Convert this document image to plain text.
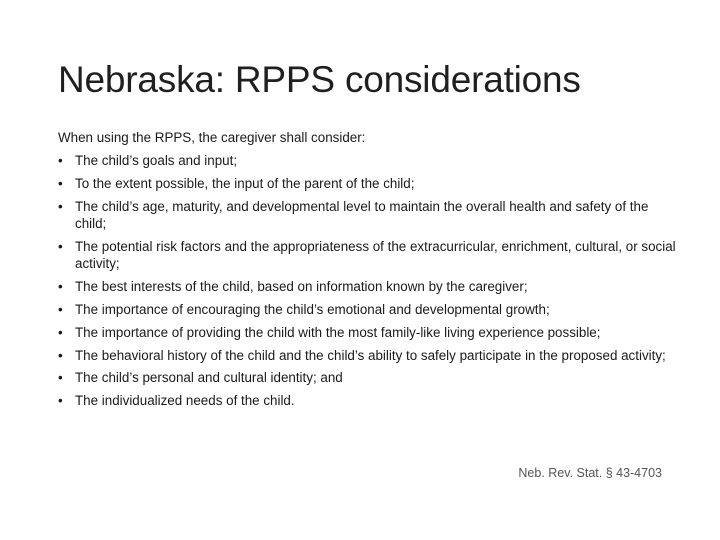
Nebraska: RPPS considerations

When using the RPPS, the caregiver shall consider:

• The child’s goals and input;
• To the extent possible, the input of the parent of the child;
• The child’s age, maturity, and developmental level to maintain the overall health and safety of the child;
• The potential risk factors and the appropriateness of the extracurricular, enrichment, cultural, or social activity;
• The best interests of the child, based on information known by the caregiver;
• The importance of encouraging the child’s emotional and developmental growth;
• The importance of providing the child with the most family-like living experience possible;
• The behavioral history of the child and the child’s ability to safely participate in the proposed activity;
• The child’s personal and cultural identity; and
• The individualized needs of the child.

Neb. Rev. Stat. § 43-4703
